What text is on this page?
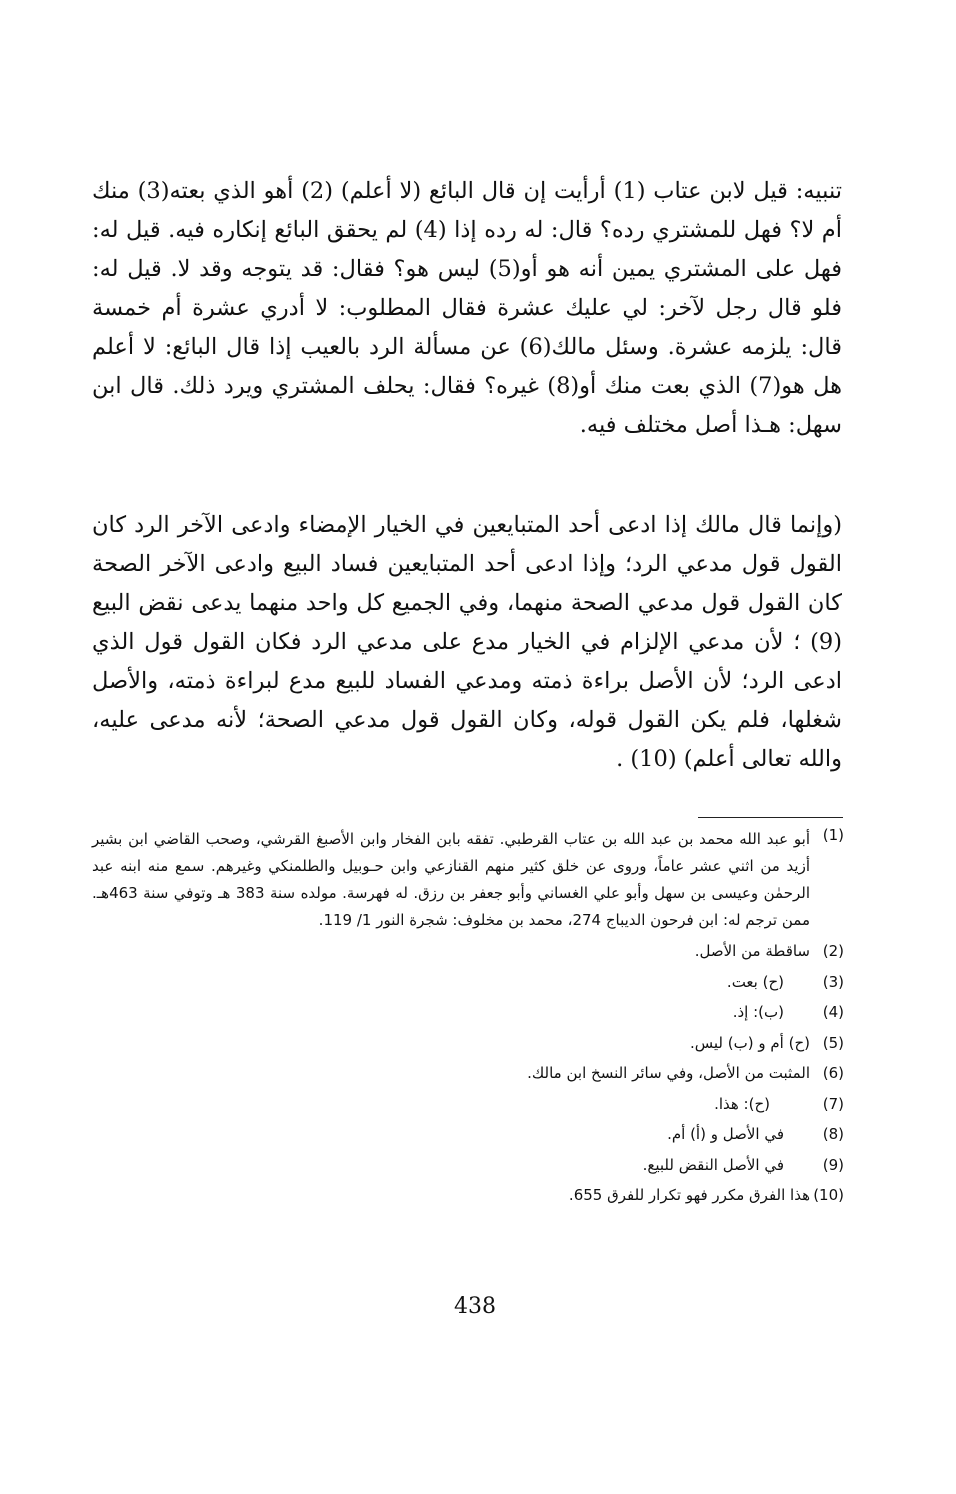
تنبيه: قيل لابن عتاب (1) أرأيت إن قال البائع (لا أعلم) (2) أهو الذي بعته(3) منك أم لا؟ فهل للمشتري رده؟ قال: له رده إذا (4) لم يحقق البائع إنكاره فيه. قيل له: فهل على المشتري يمين أنه هو أو(5) ليس هو؟ فقال: قد يتوجه وقد لا. قيل له: فلو قال رجل لآخر: لي عليك عشرة فقال المطلوب: لا أدري عشرة أم خمسة قال: يلزمه عشرة. وسئل مالك(6) عن مسألة الرد بالعيب إذا قال البائع: لا أعلم هل هو(7) الذي بعت منك أو(8) غيره؟ فقال: يحلف المشتري ويرد ذلك. قال ابن سهل: هـذا أصل مختلف فيه.

(وإنما قال مالك إذا ادعى أحد المتبايعين في الخيار الإمضاء وادعى الآخر الرد كان القول قول مدعي الرد؛ وإذا ادعى أحد المتبايعين فساد البيع وادعى الآخر الصحة كان القول قول مدعي الصحة منهما، وفي الجميع كل واحد منهما يدعى نقض البيع (9) ؛ لأن مدعي الإلزام في الخيار مدع على مدعي الرد فكان القول قول الذي ادعى الرد؛ لأن الأصل براءة ذمته ومدعي الفساد للبيع مدع لبراءة ذمته، والأصل شغلها، فلم يكن القول قوله، وكان القول قول مدعي الصحة؛ لأنه مدعى عليه، والله تعالى أعلم) (10) .

(1)
أبو عبد الله محمد بن عبد الله بن عتاب القرطبي. تفقه بابن الفخار وابن الأصبغ القرشي، وصحب القاضي ابن بشير أزيد من اثني عشر عاماً، وروى عن خلق كثير منهم القنازعي وابن حـوبيل والطلمنكي وغيرهم. سمع منه ابنه عبد الرحمٰن وعيسى بن سهل وأبو علي الغساني وأبو جعفر بن رزق. له فهرسة. مولده سنة 383 هـ وتوفي سنة 463هـ. ممن ترجم له: ابن فرحون الديباج 274، محمد بن مخلوف: شجرة النور 1/ 119.
(2)
ساقطة من الأصل.
(3)
(ح) بعت.
(4)
(ب): إذ.
(5)
(ح) أم و (ب) ليس.
(6)
المثبت من الأصل، وفي سائر النسخ ابن مالك.
(7)
(ح): هذا.
(8)
في الأصل و (أ) أم.
(9)
في الأصل النقض للبيع.
(10)
هذا الفرق مكرر فهو تكرار للفرق 655.
438
